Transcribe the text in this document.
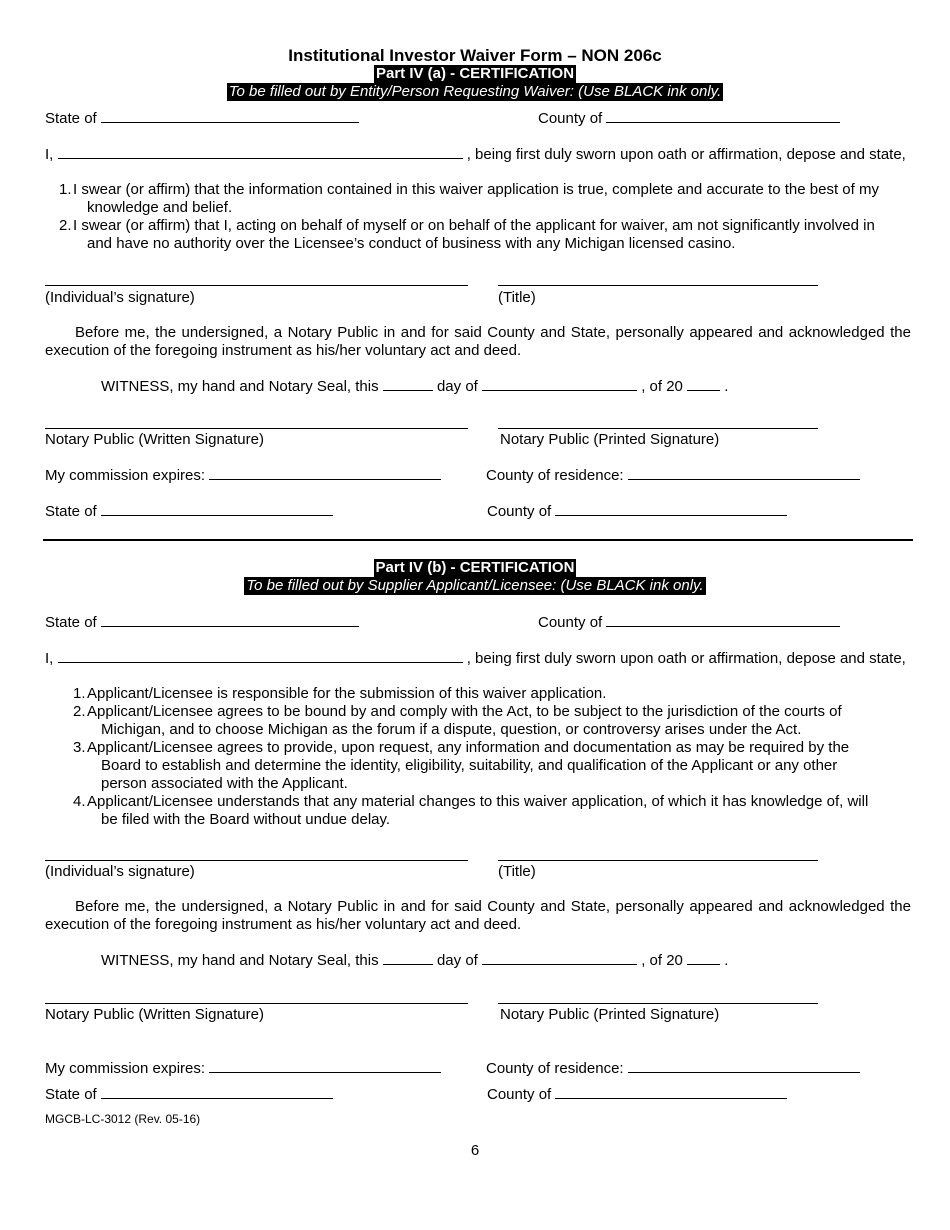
Institutional Investor Waiver Form – NON 206c
Part IV (a) - CERTIFICATION
To be filled out by Entity/Person Requesting Waiver: (Use BLACK ink only.
State of	County of
I,	, being first duly sworn upon oath or affirmation, depose and state,
1.I swear (or affirm) that the information contained in this waiver application is true, complete and accurate to the best of my
knowledge and belief.
2.I swear (or affirm) that I, acting on behalf of myself or on behalf of the applicant for waiver, am not significantly involved in
and have no authority over the Licensee’s conduct of business with any Michigan licensed casino.
(Individual’s signature)	(Title)
Before me, the undersigned, a Notary Public in and for said County and State, personally appeared and acknowledged the execution of the foregoing instrument as his/her voluntary act and deed.
WITNESS, my hand and Notary Seal, this	day of	, of 20  .
Notary Public (Written Signature)	Notary Public (Printed Signature)
My commission expires:	County of residence:
State of	County of
Part IV (b) - CERTIFICATION
To be filled out by Supplier Applicant/Licensee: (Use BLACK ink only.
State of	County of
I,	, being first duly sworn upon oath or affirmation, depose and state,
1.Applicant/Licensee is responsible for the submission of this waiver application.
2.Applicant/Licensee agrees to be bound by and comply with the Act, to be subject to the jurisdiction of the courts of
Michigan, and to choose Michigan as the forum if a dispute, question, or controversy arises under the Act.
3.Applicant/Licensee agrees to provide, upon request, any information and documentation as may be required by the
Board to establish and determine the identity, eligibility, suitability, and qualification of the Applicant or any other person associated with the Applicant.
4.Applicant/Licensee understands that any material changes to this waiver application, of which it has knowledge of, will
be filed with the Board without undue delay.
(Individual’s signature)	(Title)
Before me, the undersigned, a Notary Public in and for said County and State, personally appeared and acknowledged the execution of the foregoing instrument as his/her voluntary act and deed.
WITNESS, my hand and Notary Seal, this	day of	, of 20  .
Notary Public (Written Signature)	Notary Public (Printed Signature)
My commission expires:	County of residence:
State of	County of
MGCB-LC-3012 (Rev. 05-16)
6
